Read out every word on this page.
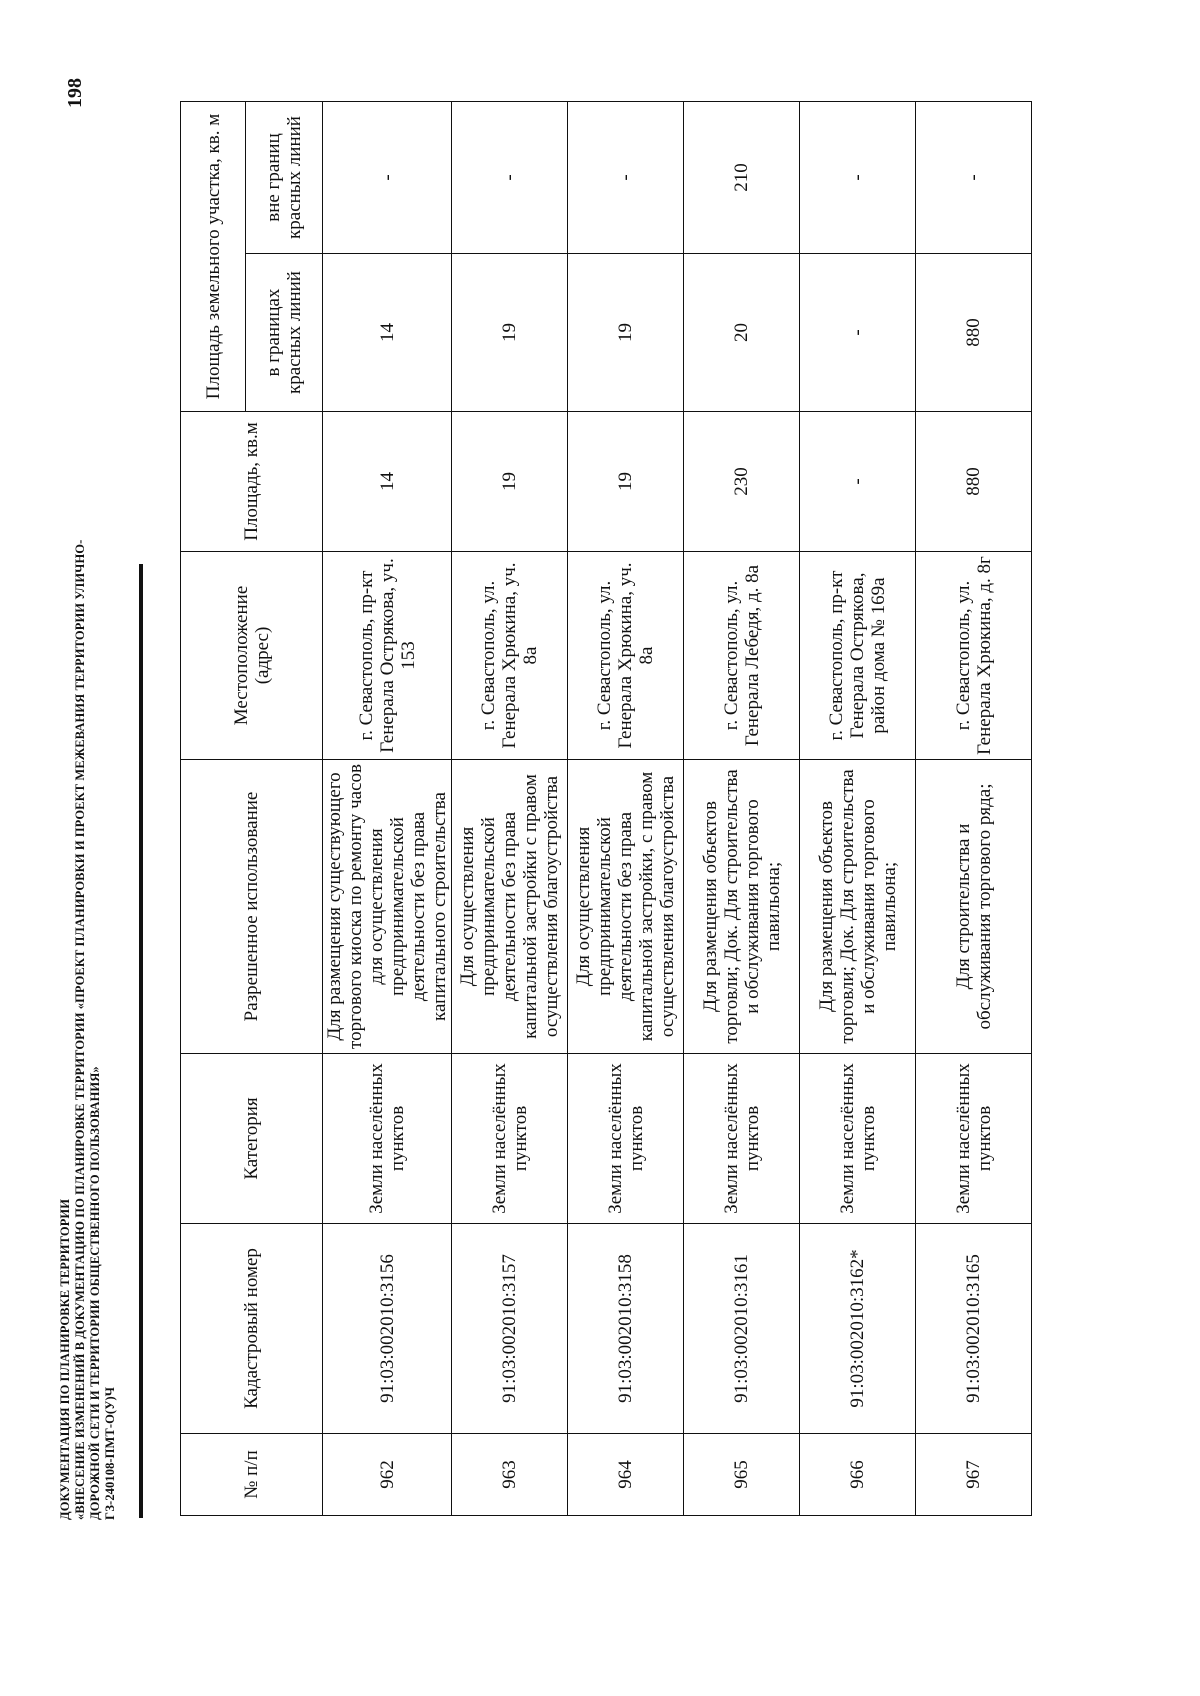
ДОКУМЕНТАЦИЯ ПО ПЛАНИРОВКЕ ТЕРРИТОРИИ «ВНЕСЕНИЕ ИЗМЕНЕНИЙ В ДОКУМЕНТАЦИЮ ПО ПЛАНИРОВКЕ ТЕРРИТОРИИ «ПРОЕКТ ПЛАНИРОВКИ И ПРОЕКТ МЕЖЕВАНИЯ ТЕРРИТОРИИ УЛИЧНО- ДОРОЖНОЙ СЕТИ И ТЕРРИТОРИИ ОБЩЕСТВЕННОГО ПОЛЬЗОВАНИЯ» ГЗ-240108-ПМТ-О(У)Ч
198
№ п/п	Кадастровый номер	Категория	Разрешенное использование	Местоположение (адрес)	Площадь, кв.м	Площадь земельного участка, кв. м	
						в границах красных линий	вне границ красных линий
962	91:03:002010:3156	Земли населённых пунктов	Для размещения существующего торгового киоска по ремонту часов для осуществления предпринимательской деятельности без права капитального строительства	г. Севастополь, пр-кт Генерала Острякова, уч. 153	14	14	-
963	91:03:002010:3157	Земли населённых пунктов	Для осуществления предпринимательской деятельности без права капитальной застройки с правом осуществления благоустройства	г. Севастополь, ул. Генерала Хрюкина, уч. 8а	19	19	-
964	91:03:002010:3158	Земли населённых пунктов	Для осуществления предпринимательской деятельности без права капитальной застройки, с правом осуществления благоустройства	г. Севастополь, ул. Генерала Хрюкина, уч. 8а	19	19	-
965	91:03:002010:3161	Земли населённых пунктов	Для размещения объектов торговли; Док. Для строительства и обслуживания торгового павильона;	г. Севастополь, ул. Генерала Лебедя, д. 8а	230	20	210
966	91:03:002010:3162*	Земли населённых пунктов	Для размещения объектов торговли; Док. Для строительства и обслуживания торгового павильона;	г. Севастополь, пр-кт Генерала Острякова, район дома № 169а	-	-	-
967	91:03:002010:3165	Земли населённых пунктов	Для строительства и обслуживания торгового ряда;	г. Севастополь, ул. Генерала Хрюкина, д. 8г	880	880	-
